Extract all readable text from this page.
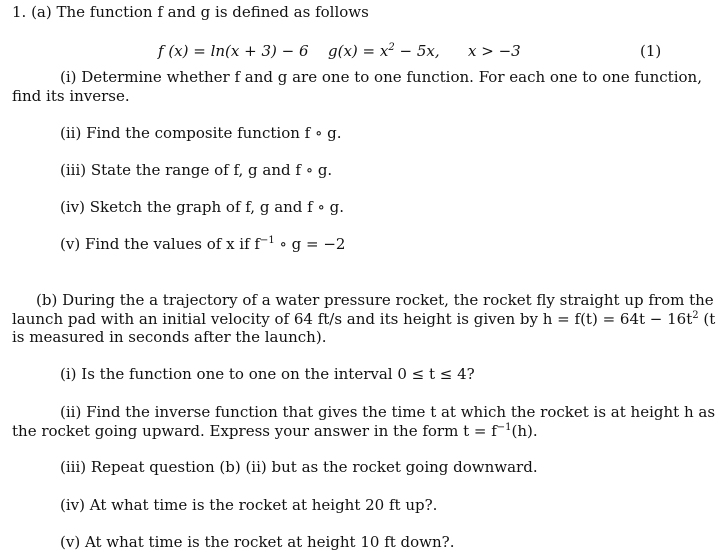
1. (a) The function f and g is defined as follows
f (x) = ln(x + 3) − 6 $g(x) = x^2 - 5x$, x > −3	(1)
(i) Determine whether f and g are one to one function. For each one to one function,
find its inverse.
(ii) Find the composite function f ∘ g.
(iii) State the range of f, g and f ∘ g.
(iv) Sketch the graph of f, g and f ∘ g.
(v) Find the values of x if $f^{-1}$ ∘ g = −2
(b) During the a trajectory of a water pressure rocket, the rocket fly straight up from the
launch pad with an initial velocity of 64 ft/s and its height is given by $h = f(t) = 64t - 16t^2$ (t
is measured in seconds after the launch).
(i) Is the function one to one on the interval 0 ≤ t ≤ 4?
(ii) Find the inverse function that gives the time t at which the rocket is at height h as
the rocket going upward. Express your answer in the form $t = f^{-1}(h)$.
(iii) Repeat question (b) (ii) but as the rocket going downward.
(iv) At what time is the rocket at height 20 ft up?.
(v) At what time is the rocket at height 10 ft down?.
